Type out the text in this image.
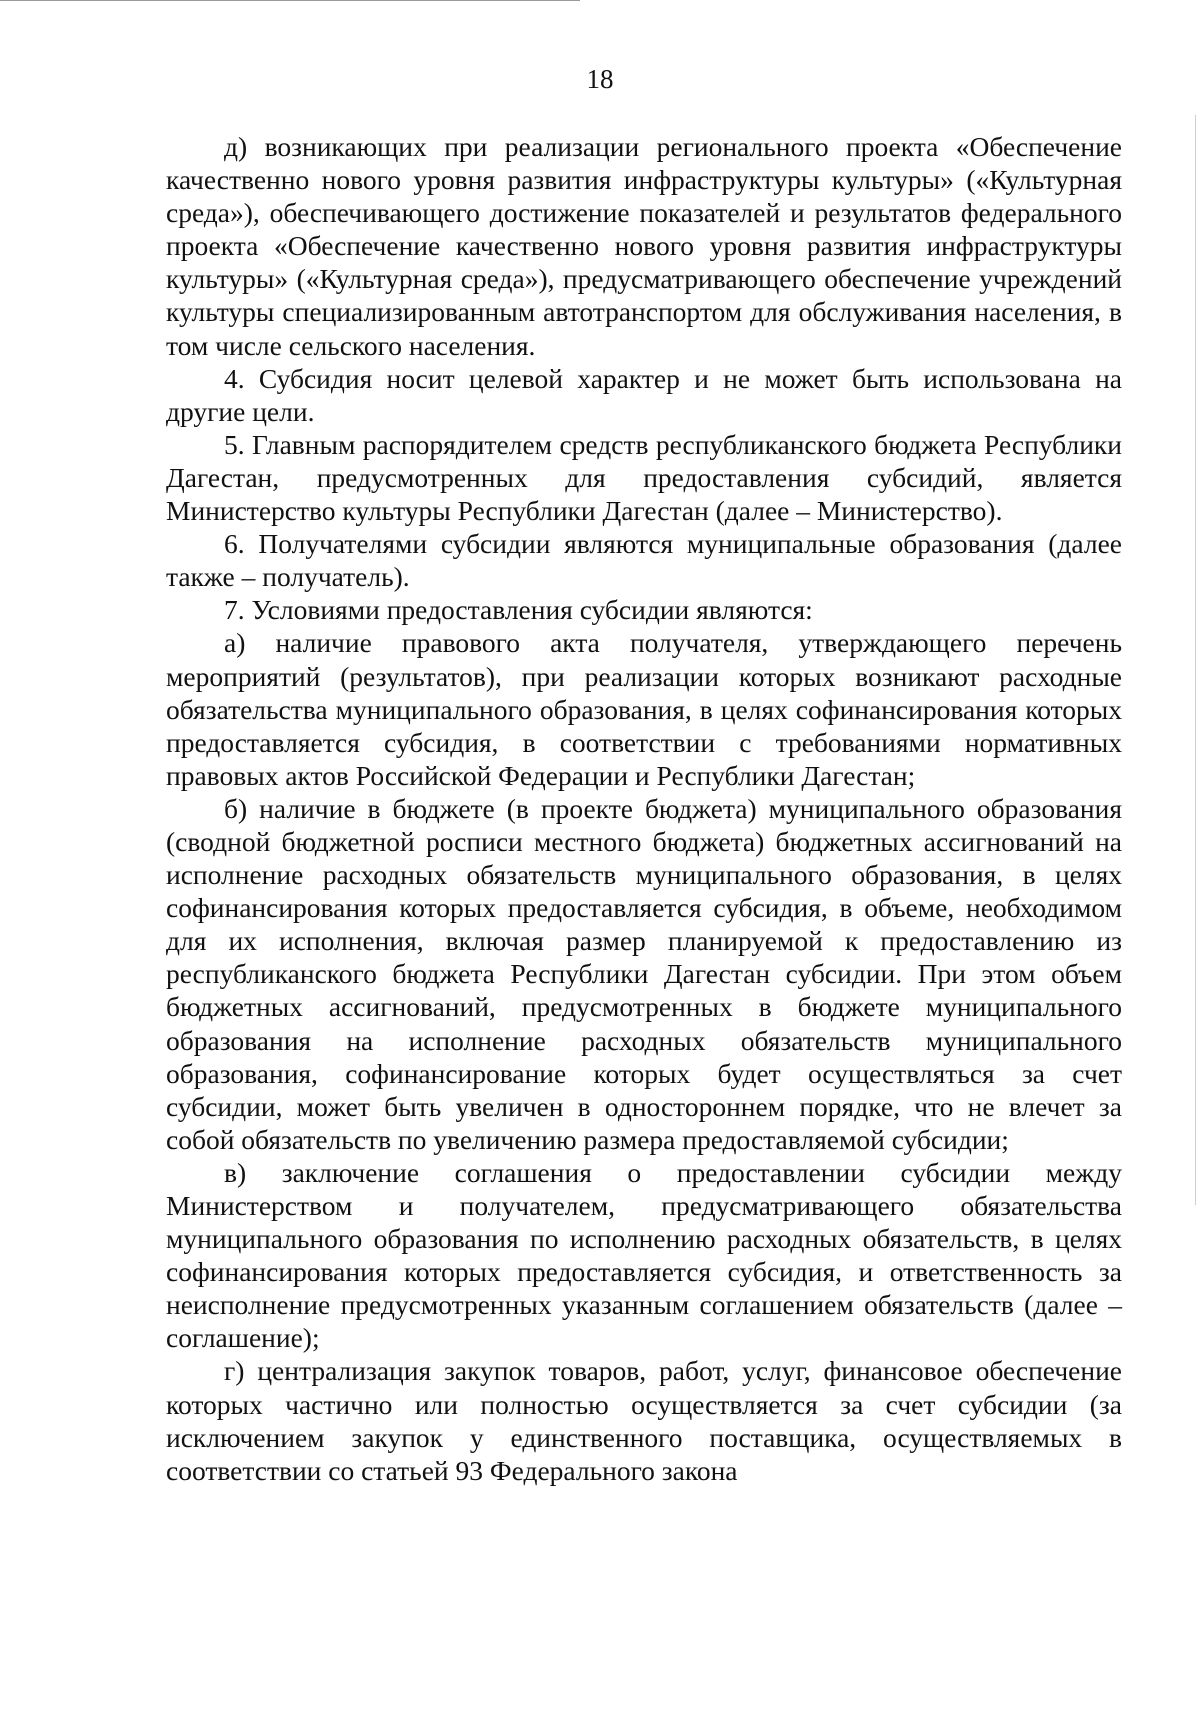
18

д) возникающих при реализации регионального проекта «Обеспечение качественно нового уровня развития инфраструктуры культуры» («Культурная среда»), обеспечивающего достижение показателей и результатов федерального проекта «Обеспечение качественно нового уровня развития инфраструктуры культуры» («Культурная среда»), предусматривающего обеспечение учреждений культуры специализированным автотранспортом для обслуживания населения, в том числе сельского населения.

4. Субсидия носит целевой характер и не может быть использована на другие цели.

5. Главным распорядителем средств республиканского бюджета Республики Дагестан, предусмотренных для предоставления субсидий, является Министерство культуры Республики Дагестан (далее – Министерство).

6. Получателями субсидии являются муниципальные образования (далее также – получатель).

7. Условиями предоставления субсидии являются:

а) наличие правового акта получателя, утверждающего перечень мероприятий (результатов), при реализации которых возникают расходные обязательства муниципального образования, в целях софинансирования которых предоставляется субсидия, в соответствии с требованиями нормативных правовых актов Российской Федерации и Республики Дагестан;

б) наличие в бюджете (в проекте бюджета) муниципального образования (сводной бюджетной росписи местного бюджета) бюджетных ассигнований на исполнение расходных обязательств муниципального образования, в целях софинансирования которых предоставляется субсидия, в объеме, необходимом для их исполнения, включая размер планируемой к предоставлению из республиканского бюджета Республики Дагестан субсидии. При этом объем бюджетных ассигнований, предусмотренных в бюджете муниципального образования на исполнение расходных обязательств муниципального образования, софинансирование которых будет осуществляться за счет субсидии, может быть увеличен в одностороннем порядке, что не влечет за собой обязательств по увеличению размера предоставляемой субсидии;

в) заключение соглашения о предоставлении субсидии между Министерством и получателем, предусматривающего обязательства муниципального образования по исполнению расходных обязательств, в целях софинансирования которых предоставляется субсидия, и ответственность за неисполнение предусмотренных указанным соглашением обязательств (далее – соглашение);

г) централизация закупок товаров, работ, услуг, финансовое обеспечение которых частично или полностью осуществляется за счет субсидии (за исключением закупок у единственного поставщика, осуществляемых в соответствии со статьей 93 Федерального закона
